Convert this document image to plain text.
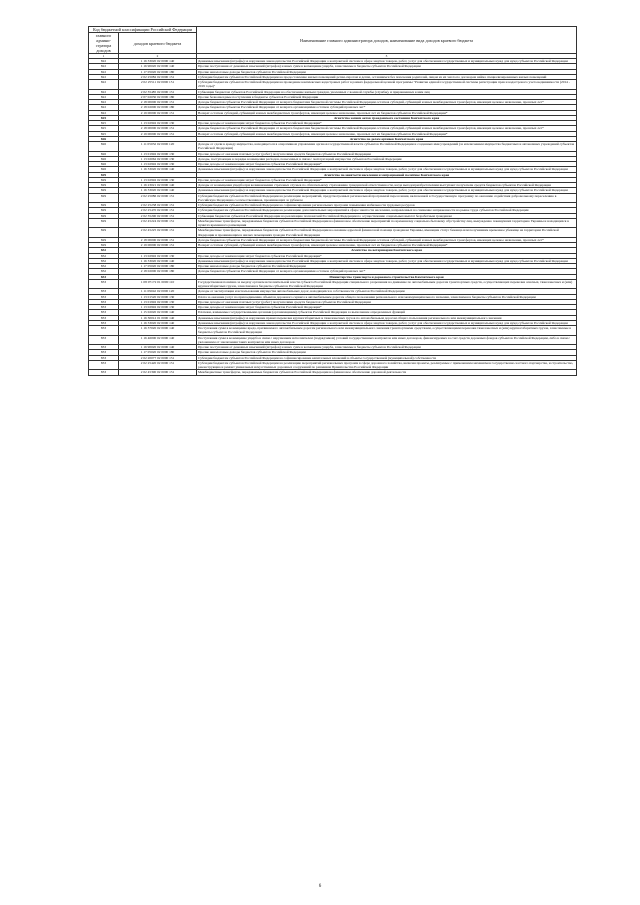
Код бюджетной классификации Российской Федерации		Наименование главного администратора доходов, наименование вида доходов краевого бюджета
главного админи-стратора доходов	доходов краевого бюджета	
1	2	3
822	1 16 33020 02 0000 140	Денежные взыскания (штрафы) за нарушение законодательства Российской Федерации о контрактной системе в сфере закупок товаров, работ, услуг для обеспечения государственных и муниципальных нужд для нужд субъектов Российской Федерации
822	1 16 90020 02 0000 140	Прочие поступления от денежных взысканий (штрафов) и иных сумм в возмещение ущерба, зачисляемые в бюджеты субъектов Российской Федерации
822	1 17 05020 02 0000 180	Прочие неналоговые доходы бюджетов субъектов Российской Федерации
822	2 02 25082 02 0000 151	Субсидии бюджетам субъектов Российской Федерации на предоставление жилых помещений детям-сиротам и детям, оставшимся без попечения родителей, лицам из их числа по договорам найма специализированных жилых помещений
822	2 02 25511 02 0000 151	Субсидии бюджетам субъектов Российской Федерации на проведение комплексных кадастровых работ в рамках федеральной целевой программы "Развитие единой государственной системы регистрации прав и кадастрового учета недвижимости (2014 - 2019 годы)"
822	2 02 35485 02 0000 151	Субвенции бюджетам субъектов Российской Федерации на обеспечение жильем граждан, уволенных с военной службы (службы), и приравненных к ним лиц
822	2 07 02030 02 0000 180	Прочие безвозмездные поступления в бюджеты субъектов Российской Федерации
822	2 18 00000 02 0000 151	Доходы бюджетов субъектов Российской Федерации от возврата бюджетами бюджетной системы Российской Федерации остатков субсидий, субвенций и иных межбюджетных трансфертов, имеющих целевое назначение, прошлых лет*
822	2 18 02000 02 0000 180	Доходы бюджетов субъектов Российской Федерации от возврата организациями остатков субсидий прошлых лет*
822	2 19 00000 02 0000 151	Возврат остатков субсидий, субвенций и иных межбюджетных трансфертов, имеющих целевое назначение, прошлых лет из бюджетов субъектов Российской Федерации*
825		Агентство записи актов гражданского состояния Камчатского края
825	1 13 02992 02 0000 130	Прочие доходы от компенсации затрат бюджетов субъектов Российской Федерации*
825	2 18 00000 02 0000 151	Доходы бюджетов субъектов Российской Федерации от возврата бюджетами бюджетной системы Российской Федерации остатков субсидий, субвенций и иных межбюджетных трансфертов, имеющих целевое назначение, прошлых лет*
825	2 19 00000 02 0000 151	Возврат остатков субсидий, субвенций и иных межбюджетных трансфертов, имеющих целевое назначение, прошлых лет из бюджетов субъектов Российской Федерации*
826		Агентство по делам архивов Камчатского края
826	1 11 05032 02 0000 120	Доходы от сдачи в аренду имущества, находящегося в оперативном управлении органов государственной власти субъектов Российской Федерации и созданных ими учреждений (за исключением имущества бюджетных и автономных учреждений субъектов Российской Федерации)
826	1 13 01992 02 0000 130	Прочие доходы от оказания платных услуг (работ) получателями средств бюджетов субъектов Российской Федерации
826	1 13 02062 02 0000 130	Доходы, поступающие в порядке возмещения расходов, понесенных в связи с эксплуатацией имущества субъектов Российской Федерации
826	1 13 02992 02 0000 130	Прочие доходы от компенсации затрат бюджетов субъектов Российской Федерации*
826	1 16 33020 02 0000 140	Денежные взыскания (штрафы) за нарушение законодательства Российской Федерации о контрактной системе в сфере закупок товаров, работ, услуг для обеспечения государственных и муниципальных нужд для нужд субъектов Российской Федерации
829		Агентство по занятости населения и миграционной политике Камчатского края
829	1 13 02992 02 0000 130	Прочие доходы от компенсации затрат бюджетов субъектов Российской Федерации*
829	1 16 23021 02 0000 140	Доходы от возмещения ущерба при возникновении страховых случаев по обязательному страхованию гражданской ответственности, когда выгодоприобретателями выступают получатели средств бюджетов субъектов Российской Федерации
829	1 16 33020 02 0000 140	Денежные взыскания (штрафы) за нарушение законодательства Российской Федерации о контрактной системе в сфере закупок товаров, работ, услуг для обеспечения государственных и муниципальных нужд для нужд субъектов Российской Федерации
829	2 02 25086 02 0000 151	Субсидии бюджетам субъектов Российской Федерации на реализацию мероприятий, предусмотренных региональной программой переселения, включенной в Государственную программу по оказанию содействия добровольному переселению в Российскую Федерацию соотечественников, проживающих за рубежом
829	2 02 25238 02 0000 151	Субсидии бюджетам субъектов Российской Федерации на софинансирование региональных программ повышения мобильности трудовых ресурсов
829	2 02 25470 02 0000 151	Субсидии бюджетам субъектов Российской Федерации на реализацию дополнительных мероприятий в сфере занятости населения, направленных на снижение напряженности на рынке труда субъектов Российской Федерации
829	2 02 35290 02 0000 151	Субвенции бюджетам субъектов Российской Федерации на реализацию полномочий Российской Федерации по осуществлению социальных выплат безработным гражданам
829	2 02 45224 02 0000 151	Межбюджетные трансферты, передаваемые бюджетам субъектов Российской Федерации на финансовое обеспечение мероприятий по временному социально-бытовому обустройству лиц, вынужденно покинувших территорию Украины и находящихся в пунктах временного размещения
829	2 02 45225 02 0000 151	Межбюджетные трансферты, передаваемые бюджетам субъектов Российской Федерации на оказание адресной финансовой помощи гражданам Украины, имеющим статус беженца или получившим временное убежище на территории Российской Федерации и проживающим в жилых помещениях граждан Российской Федерации
829	2 18 00000 02 0000 151	Доходы бюджетов субъектов Российской Федерации от возврата бюджетами бюджетной системы Российской Федерации остатков субсидий, субвенций и иных межбюджетных трансфертов, имеющих целевое назначение, прошлых лет*
829	2 19 00000 02 0000 151	Возврат остатков субсидий, субвенций и иных межбюджетных трансфертов, имеющих целевое назначение, прошлых лет из бюджетов субъектов Российской Федерации*
832		Агентство по ветеринарии Камчатского края
832	1 13 02992 02 0000 130	Прочие доходы от компенсации затрат бюджетов субъектов Российской Федерации*
832	1 16 33020 02 0000 140	Денежные взыскания (штрафы) за нарушение законодательства Российской Федерации о контрактной системе в сфере закупок товаров, работ, услуг для обеспечения государственных и муниципальных нужд для нужд субъектов Российской Федерации
832	1 17 05020 02 0000 180	Прочие неналоговые доходы бюджетов субъектов Российской Федерации
832	2 18 02000 02 0000 180	Доходы бюджетов субъектов Российской Федерации от возврата организациями остатков субсидий прошлых лет*
833		Министерство транспорта и дорожного строительства Камчатского края
833	1 08 07172 01 0000 110	Государственная пошлина за выдачу органом исполнительной власти субъекта Российской Федерации специального разрешения на движение по автомобильным дорогам транспортных средств, осуществляющих перевозки опасных, тяжеловесных и (или) крупногабаритных грузов, зачисляемая в бюджеты субъектов Российской Федерации
833	1 11 09042 02 0000 120	Доходы от эксплуатации и использования имущества автомобильных дорог, находящихся в собственности субъектов Российской Федерации
833	1 13 01520 02 0000 130	Плата за оказание услуг по присоединению объектов дорожного сервиса к автомобильным дорогам общего пользования регионального или межмуниципального значения, зачисляемая в бюджеты субъектов Российской Федерации
833	1 13 01992 02 0000 130	Прочие доходы от оказания платных услуг (работ) получателями средств бюджетов субъектов Российской Федерации
833	1 13 02992 02 0000 130	Прочие доходы от компенсации затрат бюджетов субъектов Российской Федерации*
833	1 15 02020 02 0000 140	Платежи, взимаемые государственными органами (организациями) субъектов Российской Федерации за выполнение определенных функций
833	1 16 30012 01 0000 140	Денежные взыскания (штрафы) за нарушение правил перевозки крупногабаритных и тяжеловесных грузов по автомобильным дорогам общего пользования регионального или межмуниципального значения
833	1 16 33020 02 0000 140	Денежные взыскания (штрафы) за нарушение законодательства Российской Федерации о контрактной системе в сфере закупок товаров, работ, услуг для обеспечения государственных и муниципальных нужд для нужд субъектов Российской Федерации
833	1 16 37020 02 0000 140	Поступления сумм в возмещение вреда, причиняемого автомобильным дорогам регионального или межмуниципального значения транспортными средствами, осуществляющими перевозки тяжеловесных и (или) крупногабаритных грузов, зачисляемые в бюджеты субъектов Российской Федерации
833	1 16 46000 02 0000 140	Поступления сумм в возмещение ущерба в связи с нарушением исполнителем (подрядчиком) условий государственных контрактов или иных договоров, финансируемых за счет средств дорожных фондов субъектов Российской Федерации, либо в связи с уклонением от заключения таких контрактов или иных договоров
833	1 16 90020 02 0000 140	Прочие поступления от денежных взысканий (штрафов) и иных сумм в возмещение ущерба, зачисляемые в бюджеты субъектов Российской Федерации
833	1 17 05020 02 0000 180	Прочие неналоговые доходы бюджетов субъектов Российской Федерации
833	2 02 20077 02 0000 151	Субсидии бюджетам субъектов Российской Федерации на софинансирование капитальных вложений в объекты государственной (муниципальной) собственности
833	2 02 25420 02 0000 151	Субсидии бюджетам субъектов Российской Федерации на реализацию мероприятий региональных программ в сфере дорожного хозяйства, включая проекты, реализуемые с применением механизмов государственно-частного партнерства, и строительство, реконструкцию и ремонт уникальных искусственных дорожных сооружений по решениям Правительства Российской Федерации
833	2 02 45390 02 0000 151	Межбюджетные трансферты, передаваемые бюджетам субъектов Российской Федерации на финансовое обеспечение дорожной деятельности
6
